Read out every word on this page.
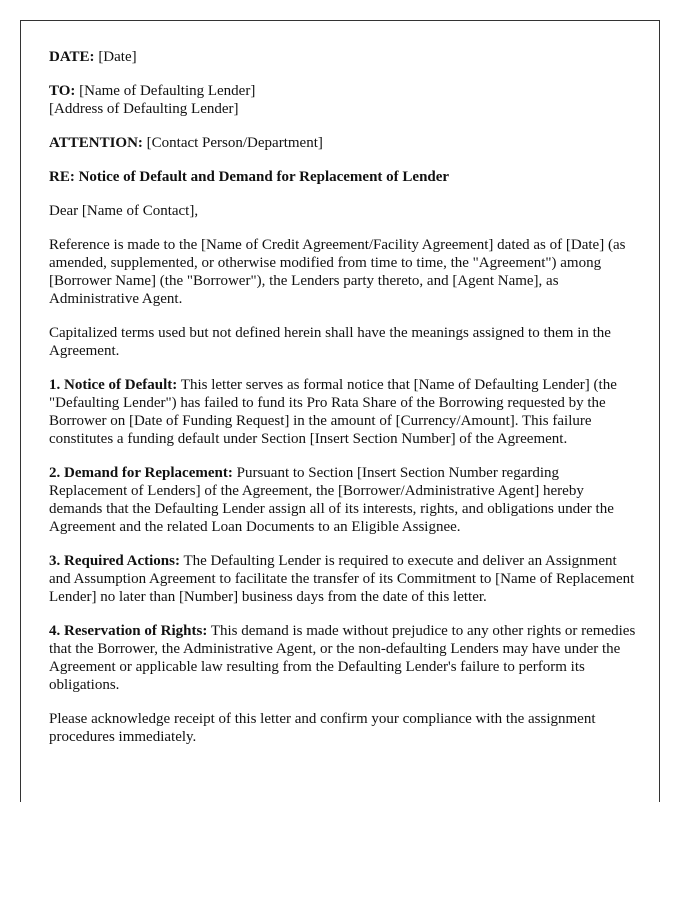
DATE: [Date]

TO: [Name of Defaulting Lender]
[Address of Defaulting Lender]

ATTENTION: [Contact Person/Department]

RE: Notice of Default and Demand for Replacement of Lender

Dear [Name of Contact],

Reference is made to the [Name of Credit Agreement/Facility Agreement] dated as of [Date] (as amended, supplemented, or otherwise modified from time to time, the "Agreement") among [Borrower Name] (the "Borrower"), the Lenders party thereto, and [Agent Name], as Administrative Agent.

Capitalized terms used but not defined herein shall have the meanings assigned to them in the Agreement.

1. Notice of Default: This letter serves as formal notice that [Name of Defaulting Lender] (the "Defaulting Lender") has failed to fund its Pro Rata Share of the Borrowing requested by the Borrower on [Date of Funding Request] in the amount of [Currency/Amount]. This failure constitutes a funding default under Section [Insert Section Number] of the Agreement.

2. Demand for Replacement: Pursuant to Section [Insert Section Number regarding Replacement of Lenders] of the Agreement, the [Borrower/Administrative Agent] hereby demands that the Defaulting Lender assign all of its interests, rights, and obligations under the Agreement and the related Loan Documents to an Eligible Assignee.

3. Required Actions: The Defaulting Lender is required to execute and deliver an Assignment and Assumption Agreement to facilitate the transfer of its Commitment to [Name of Replacement Lender] no later than [Number] business days from the date of this letter.

4. Reservation of Rights: This demand is made without prejudice to any other rights or remedies that the Borrower, the Administrative Agent, or the non-defaulting Lenders may have under the Agreement or applicable law resulting from the Defaulting Lender's failure to perform its obligations.

Please acknowledge receipt of this letter and confirm your compliance with the assignment procedures immediately.
